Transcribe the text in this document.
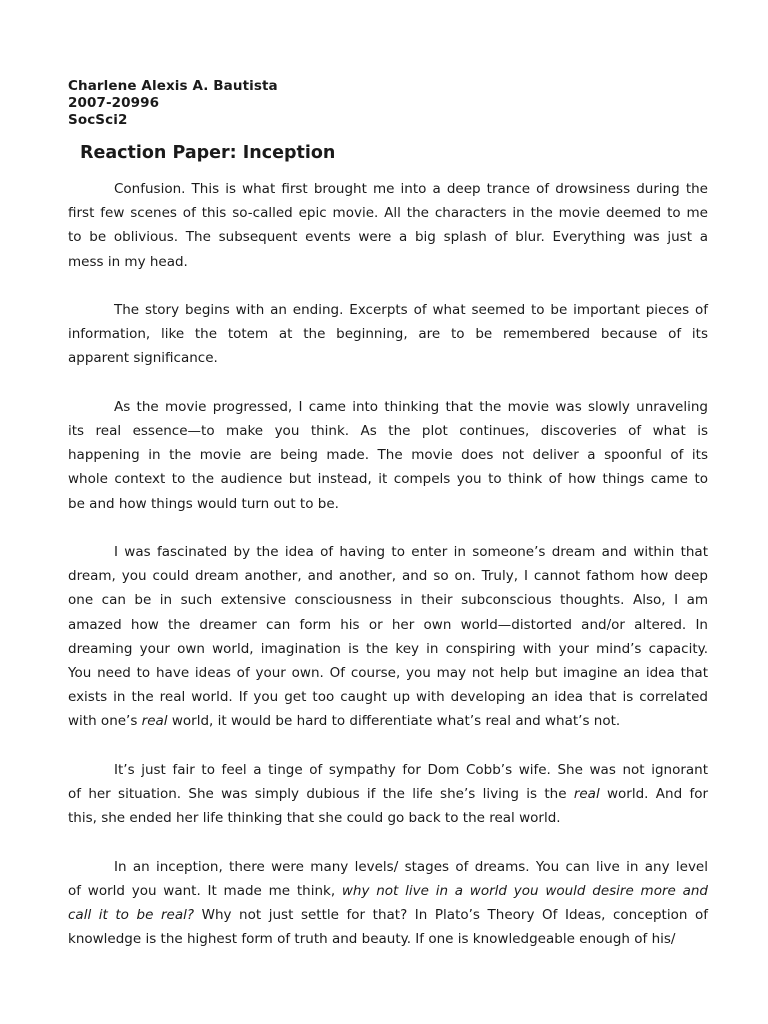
Charlene Alexis A. Bautista
2007-20996
SocSci2
Reaction Paper: Inception

Confusion. This is what first brought me into a deep trance of drowsiness during the
first few scenes of this so-called epic movie. All the characters in the movie deemed to me
to be oblivious. The subsequent events were a big splash of blur. Everything was just a
mess in my head.

The story begins with an ending. Excerpts of what seemed to be important pieces of
information, like the totem at the beginning, are to be remembered because of its
apparent significance.

As the movie progressed, I came into thinking that the movie was slowly unraveling
its real essence—to make you think. As the plot continues, discoveries of what is
happening in the movie are being made. The movie does not deliver a spoonful of its
whole context to the audience but instead, it compels you to think of how things came to
be and how things would turn out to be.

I was fascinated by the idea of having to enter in someone’s dream and within that
dream, you could dream another, and another, and so on. Truly, I cannot fathom how deep
one can be in such extensive consciousness in their subconscious thoughts. Also, I am
amazed how the dreamer can form his or her own world—distorted and/or altered. In
dreaming your own world, imagination is the key in conspiring with your mind’s capacity.
You need to have ideas of your own. Of course, you may not help but imagine an idea that
exists in the real world. If you get too caught up with developing an idea that is correlated
with one’s real world, it would be hard to differentiate what’s real and what’s not.

It’s just fair to feel a tinge of sympathy for Dom Cobb’s wife. She was not ignorant
of her situation. She was simply dubious if the life she’s living is the real world. And for
this, she ended her life thinking that she could go back to the real world.

In an inception, there were many levels/ stages of dreams. You can live in any level
of world you want. It made me think, why not live in a world you would desire more and
call it to be real? Why not just settle for that? In Plato’s Theory Of Ideas, conception of
knowledge is the highest form of truth and beauty. If one is knowledgeable enough of his/
